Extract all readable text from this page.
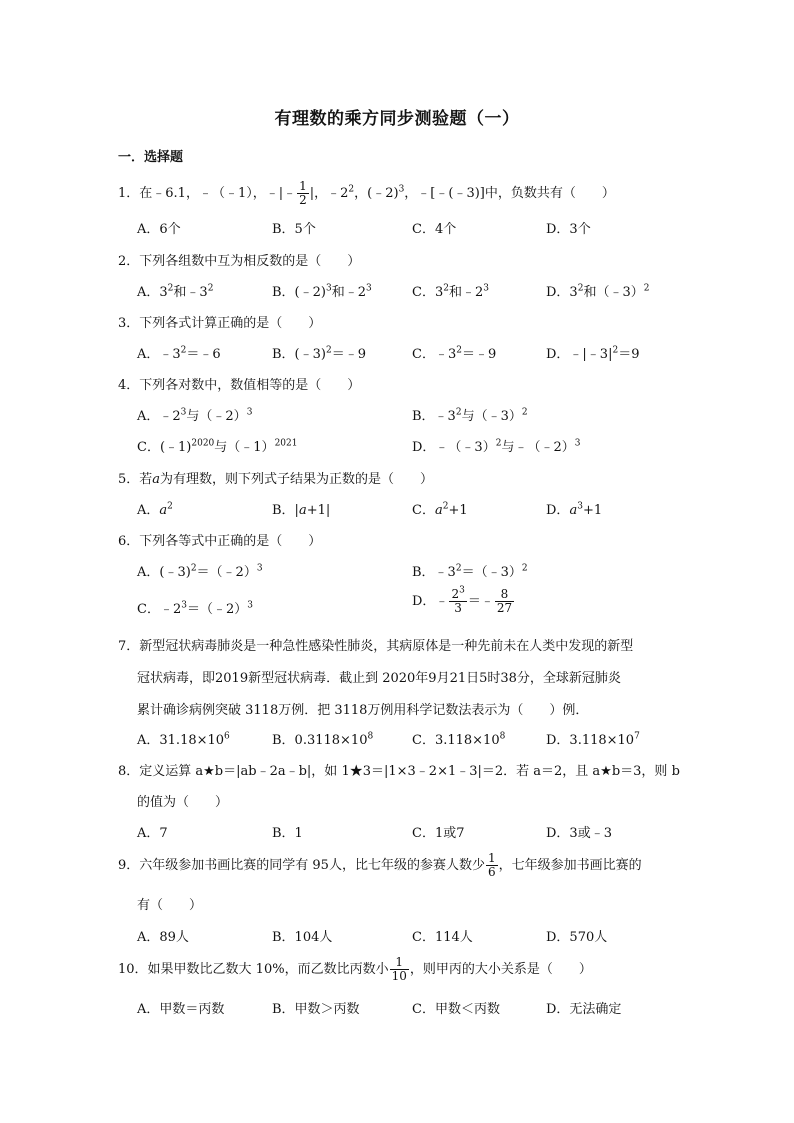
有理数的乘方同步测验题（一）
一．选择题
1．在﹣6.1，﹣（﹣1），﹣|﹣ $\frac{1}{2}$ |，$﹣2^2$，(﹣2)$^3$，﹣[﹣(﹣3)]中，负数共有（　　）
A．6个	B．5个	C．4个	D．3个
2．下列各组数中互为相反数的是（　　）
A．$3^2$和$﹣3^2$	B．(﹣2)$^3$和$﹣2^3$	C．$3^2$和$﹣2^3$	D．$3^2$和（﹣3）$^2$
3．下列各式计算正确的是（　　）
A．$﹣3^2=﹣6$	B．(﹣3)$^2$＝﹣9	C．$﹣3^2=﹣9$	D．$﹣|﹣3|^2=9$
4．下列各对数中，数值相等的是（　　）
A．$﹣2^3$与（﹣2）$^3$	B．$﹣3^2$与（﹣3）$^2$
C．(﹣1)$^{2020}$与（﹣1）$^{2021}$	D．﹣（﹣3）$^2$与﹣（﹣2）$^3$
5．若a为有理数，则下列式子结果为正数的是（　　）
A．$a^2$	B．|a+1|	C．$a^2+1$	D．$a^3+1$
6．下列各等式中正确的是（　　）
A．(﹣3)$^2$＝（﹣2）$^3$	B．$﹣3^2=(﹣3)^2$
C．$﹣2^3=(﹣2)^3$	D．﹣ $\frac{2^3}{3}$ ＝﹣ $\frac{8}{27}$
7．新型冠状病毒肺炎是一种急性感染性肺炎，其病原体是一种先前未在人类中发现的新型
冠状病毒，即2019新型冠状病毒．截止到 2020年9月21日5时38分，全球新冠肺炎
累计确诊病例突破 3118万例．把 3118万例用科学记数法表示为（　　）例．
A．$31.18\times 10^6$	B．$0.3118\times 10^8$	C．$3.118\times 10^8$	D．$3.118\times 10^7$
8．定义运算 a★b＝|ab﹣2a﹣b|，如 1★3＝|1×3﹣2×1﹣3|＝2．若 a＝2，且 a★b＝3，则 b
的值为（　　）
A．7	B．1	C．1或7	D．3或﹣3
9．六年级参加书画比赛的同学有 95人，比七年级的参赛人数少 $\frac{1}{6}$ ，七年级参加书画比赛的
有（　　）
A．89人	B．104人	C．114人	D．570人
10．如果甲数比乙数大 10%，而乙数比丙数小 $\frac{1}{10}$ ，则甲丙的大小关系是（　　）
A．甲数＝丙数	B．甲数＞丙数	C．甲数＜丙数	D．无法确定
